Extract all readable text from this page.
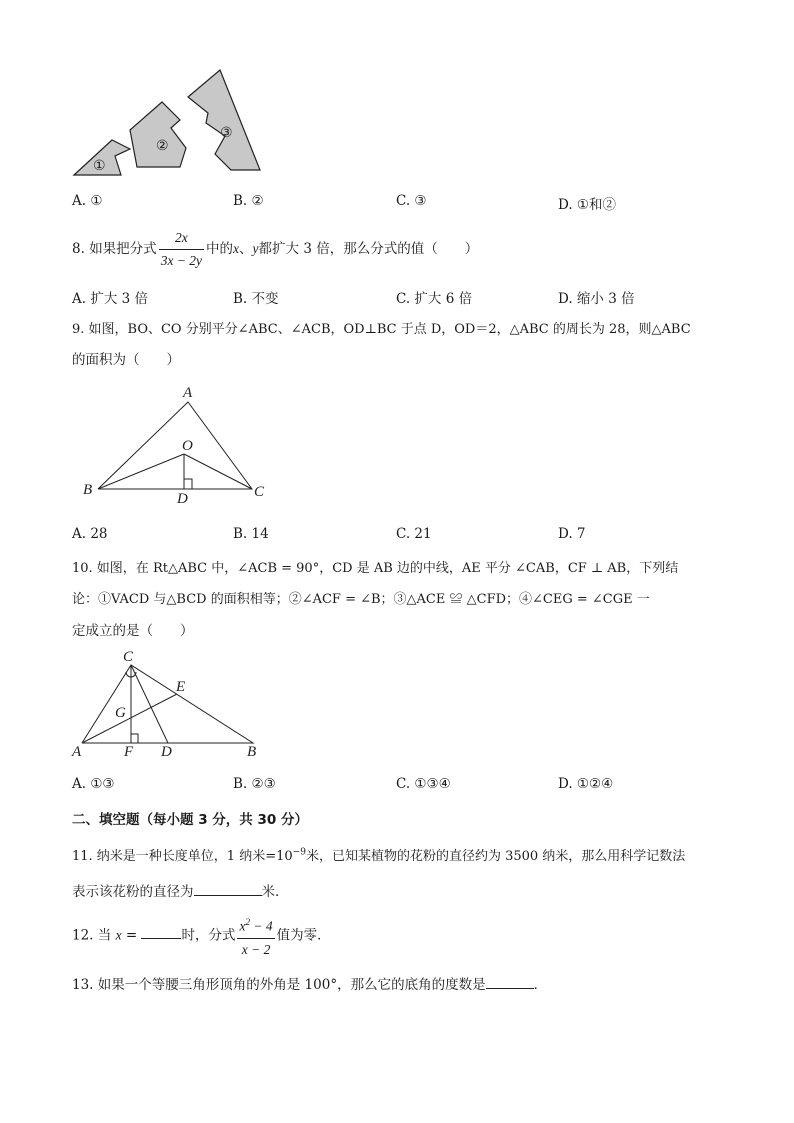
①
②
③
A. ①	B. ②	C. ③	D. ①和②
8. 如果把分式 $\frac{2x}{3x - 2y}$ 中的x、y都扩大 3 倍，那么分式的值（　　）
A. 扩大 3 倍	B. 不变	C. 扩大 6 倍	D. 缩小 3 倍
9. 如图，BO、CO 分别平分∠ABC、∠ACB，OD⊥BC 于点 D，OD＝2，△ABC 的周长为 28，则△ABC
的面积为（　　）
A
O
B
D	C
A. 28	B. 14	C. 21	D. 7
10. 如图，在 Rt△ABC 中，∠ACB = 90°，CD 是 AB 边的中线，AE 平分 ∠CAB，CF ⊥ AB，下列结
论：①VACD 与△BCD 的面积相等；②∠ACF = ∠B；③△ACE ≌ △CFD；④∠CEG = ∠CGE 一
定成立的是（　　）
C
E
G
A	F D	B
A. ①③	B. ②③	C. ①③④	D. ①②④
二、填空题（每小题 3 分，共 30 分）
11. 纳米是一种长度单位，1 纳米$=10^{-9}$米，已知某植物的花粉的直径约为 3500 纳米，那么用科学记数法
表示该花粉的直径为	米．
12. 当 x =	时，分式 $\frac{x^2 - 4}{x - 2}$ 值为零．
13. 如果一个等腰三角形顶角的外角是 100°，那么它的底角的度数是	．
